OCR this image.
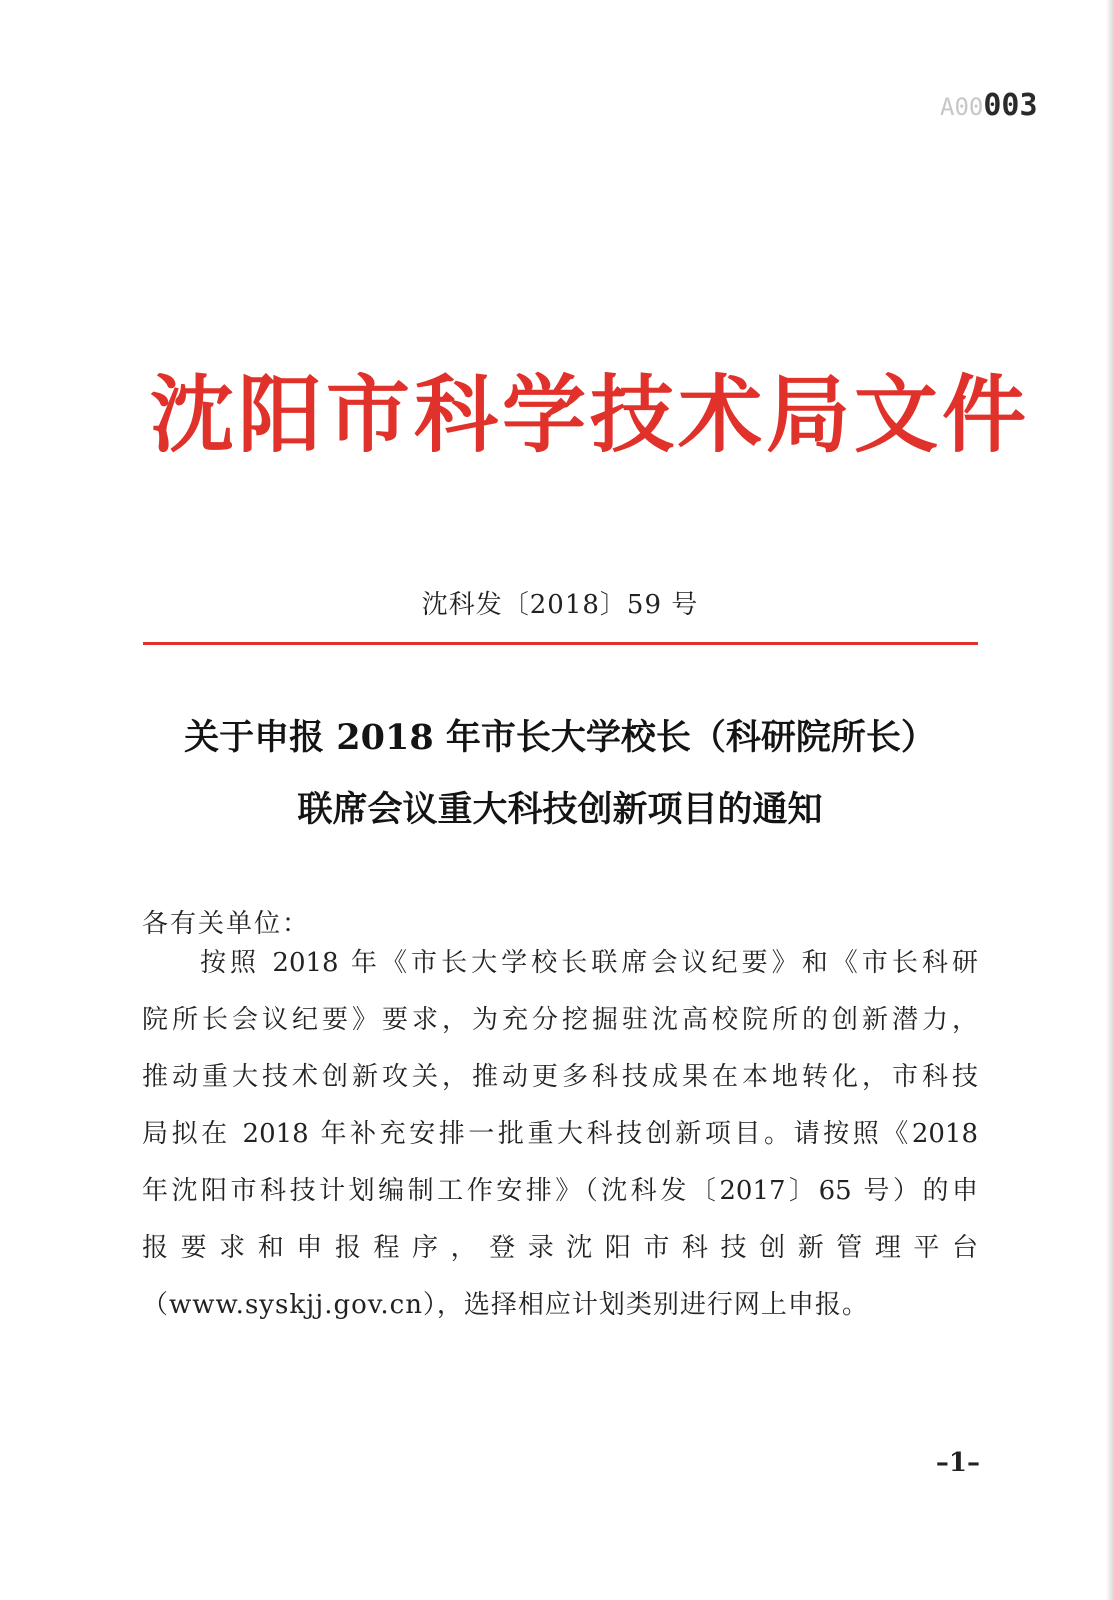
A00003
沈阳市科学技术局文件
沈科发〔2018〕59 号
关于申报 2018 年市长大学校长（科研院所长）
联席会议重大科技创新项目的通知
各有关单位：
按照 2018 年《市长大学校长联席会议纪要》和《市长科研
院所长会议纪要》要求，为充分挖掘驻沈高校院所的创新潜力，
推动重大技术创新攻关，推动更多科技成果在本地转化，市科技
局拟在 2018 年补充安排一批重大科技创新项目。请按照《2018
年沈阳市科技计划编制工作安排》（沈科发〔2017〕65 号）的申
报要求和申报程序，登录沈阳市科技创新管理平台
（www.syskjj.gov.cn），选择相应计划类别进行网上申报。
–1–
